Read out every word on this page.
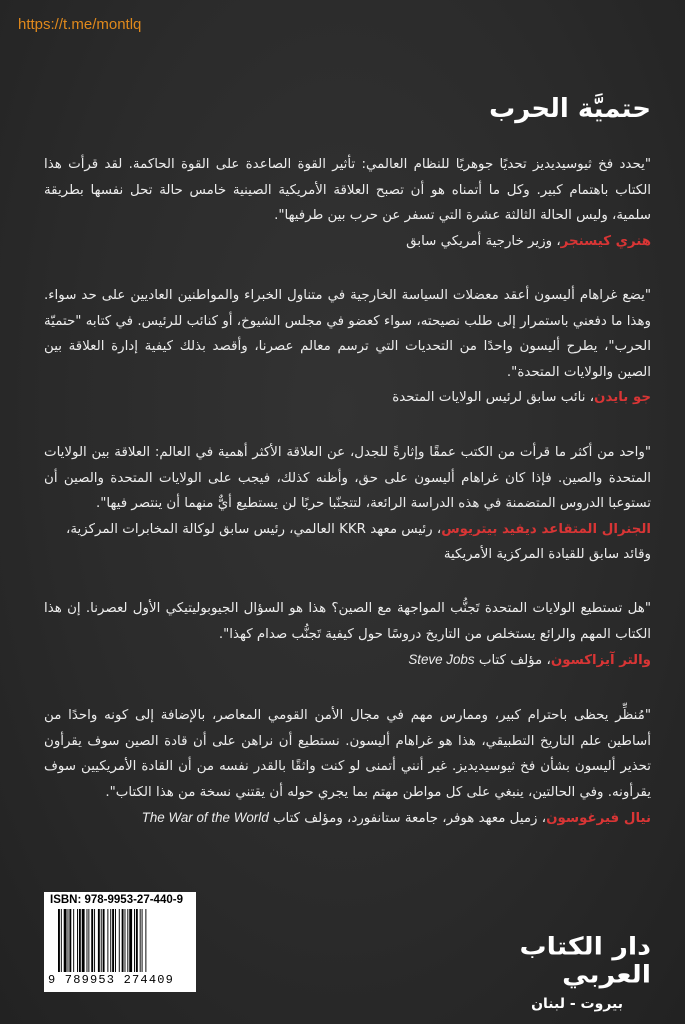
https://t.me/montlq
حتميَّة الحرب

"يحدد فخ ثيوسيديديز تحديًا جوهريًا للنظام العالمي: تأثير القوة الصاعدة على القوة الحاكمة. لقد قرأت هذا الكتاب باهتمام كبير. وكل ما أتمناه هو أن تصبح العلاقة الأمريكية الصينية خامس حالة تحل نفسها بطريقة سلمية، وليس الحالة الثالثة عشرة التي تسفر عن حرب بين طرفيها".

هنري كيسنجر، وزير خارجية أمريكي سابق

"يضع غراهام أليسون أعقد معضلات السياسة الخارجية في متناول الخبراء والمواطنين العاديين على حد سواء. وهذا ما دفعني باستمرار إلى طلب نصيحته، سواء كعضو في مجلس الشيوخ، أو كنائب للرئيس. في كتابه "حتميّة الحرب"، يطرح أليسون واحدًا من التحديات التي ترسم معالم عصرنا، وأقصد بذلك كيفية إدارة العلاقة بين الصين والولايات المتحدة".

جو بايدن، نائب سابق لرئيس الولايات المتحدة

"واحد من أكثر ما قرأت من الكتب عمقًا وإثارةً للجدل، عن العلاقة الأكثر أهمية في العالم: العلاقة بين الولايات المتحدة والصين. فإذا كان غراهام أليسون على حق، وأظنه كذلك، فيجب على الولايات المتحدة والصين أن تستوعبا الدروس المتضمنة في هذه الدراسة الرائعة، لتتجنّبا حربًا لن يستطيع أيٌّ منهما أن ينتصر فيها".

الجنرال المتقاعد ديفيد بيتريوس، رئيس معهد KKR العالمي، رئيس سابق لوكالة المخابرات المركزية، وقائد سابق للقيادة المركزية الأمريكية

"هل تستطيع الولايات المتحدة تَجنُّب المواجهة مع الصين؟ هذا هو السؤال الجيوبوليتيكي الأول لعصرنا. إن هذا الكتاب المهم والرائع يستخلص من التاريخ دروسًا حول كيفية تَجنُّب صدام كهذا".

والتر آيزاكسون، مؤلف كتاب Steve Jobs

"مُنظِّر يحظى باحترام كبير، وممارس مهم في مجال الأمن القومي المعاصر، بالإضافة إلى كونه واحدًا من أساطين علم التاريخ التطبيقي، هذا هو غراهام أليسون. نستطيع أن نراهن على أن قادة الصين سوف يقرأون تحذير أليسون بشأن فخ ثيوسيديديز. غير أنني أتمنى لو كنت واثقًا بالقدر نفسه من أن القادة الأمريكيين سوف يقرأونه. وفي الحالتين، ينبغي على كل مواطن مهتم بما يجري حوله أن يقتني نسخة من هذا الكتاب".

نيال فيرغوسون، زميل معهد هوفر، جامعة ستانفورد، ومؤلف كتاب The War of the World
ISBN: 978-9953-27-440-9
9 789953 274409
دار الكتاب العربي
بيروت - لبنان
